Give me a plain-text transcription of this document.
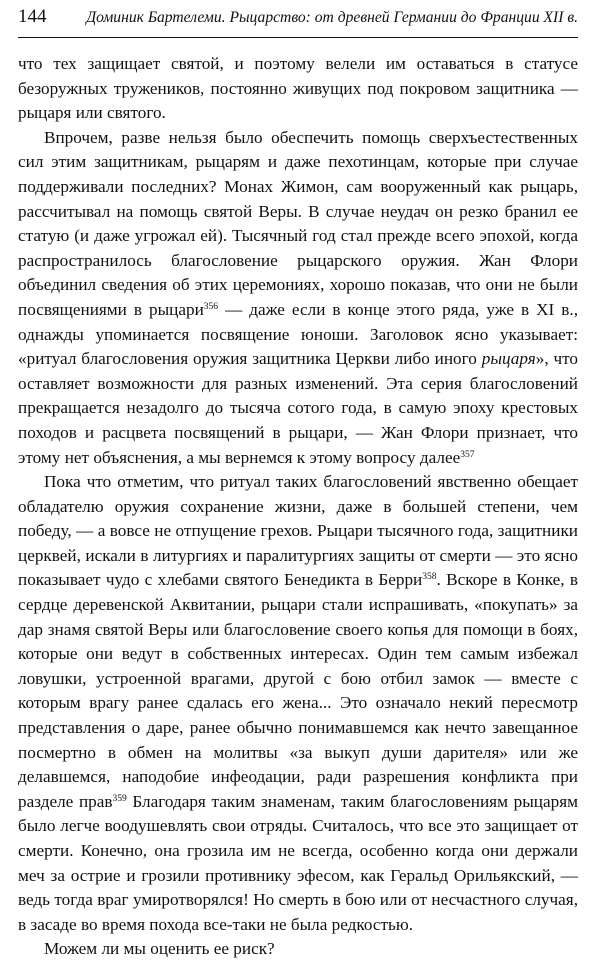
144	Доминик Бартелеми. Рыцарство: от древней Германии до Франции XII в.

что тех защищает святой, и поэтому велели им оставаться в статусе безоружных тружеников, постоянно живущих под покровом защитника — рыцаря или святого.

Впрочем, разве нельзя было обеспечить помощь сверхъестественных сил этим защитникам, рыцарям и даже пехотинцам, которые при случае поддерживали последних? Монах Жимон, сам вооруженный как рыцарь, рассчитывал на помощь святой Веры. В случае неудач он резко бранил ее статую (и даже угрожал ей). Тысячный год стал прежде всего эпохой, когда распространилось благословение рыцарского оружия. Жан Флори объединил сведения об этих церемониях, хорошо показав, что они не были посвящениями в рыцари$^{356}$ — даже если в конце этого ряда, уже в XI в., однажды упоминается посвящение юноши. Заголовок ясно указывает: «ритуал благословения оружия защитника Церкви либо иного рыцаря», что оставляет возможности для разных изменений. Эта серия благословений прекращается незадолго до тысяча сотого года, в самую эпоху крестовых походов и расцвета посвящений в рыцари, — Жан Флори признает, что этому нет объяснения, а мы вернемся к этому вопросу далее$^{357}$

Пока что отметим, что ритуал таких благословений явственно обещает обладателю оружия сохранение жизни, даже в большей степени, чем победу, — а вовсе не отпущение грехов. Рыцари тысячного года, защитники церквей, искали в литургиях и паралитургиях защиты от смерти — это ясно показывает чудо с хлебами святого Бенедикта в Берри$^{358}$. Вскоре в Конке, в сердце деревенской Аквитании, рыцари стали испрашивать, «покупать» за дар знамя святой Веры или благословение своего копья для помощи в боях, которые они ведут в собственных интересах. Один тем самым избежал ловушки, устроенной врагами, другой с бою отбил замок — вместе с которым врагу ранее сдалась его жена... Это означало некий пересмотр представления о даре, ранее обычно понимавшемся как нечто завещанное посмертно в обмен на молитвы «за выкуп души дарителя» или же делавшемся, наподобие инфеодации, ради разрешения конфликта при разделе прав$^{359}$ Благодаря таким знаменам, таким благословениям рыцарям было легче воодушевлять свои отряды. Считалось, что все это защищает от смерти. Конечно, она грозила им не всегда, особенно когда они держали меч за острие и грозили противнику эфесом, как Геральд Орильякский, — ведь тогда враг умиротворялся! Но смерть в бою или от несчастного случая, в засаде во время похода все-таки не была редкостью.

Можем ли мы оценить ее риск?
